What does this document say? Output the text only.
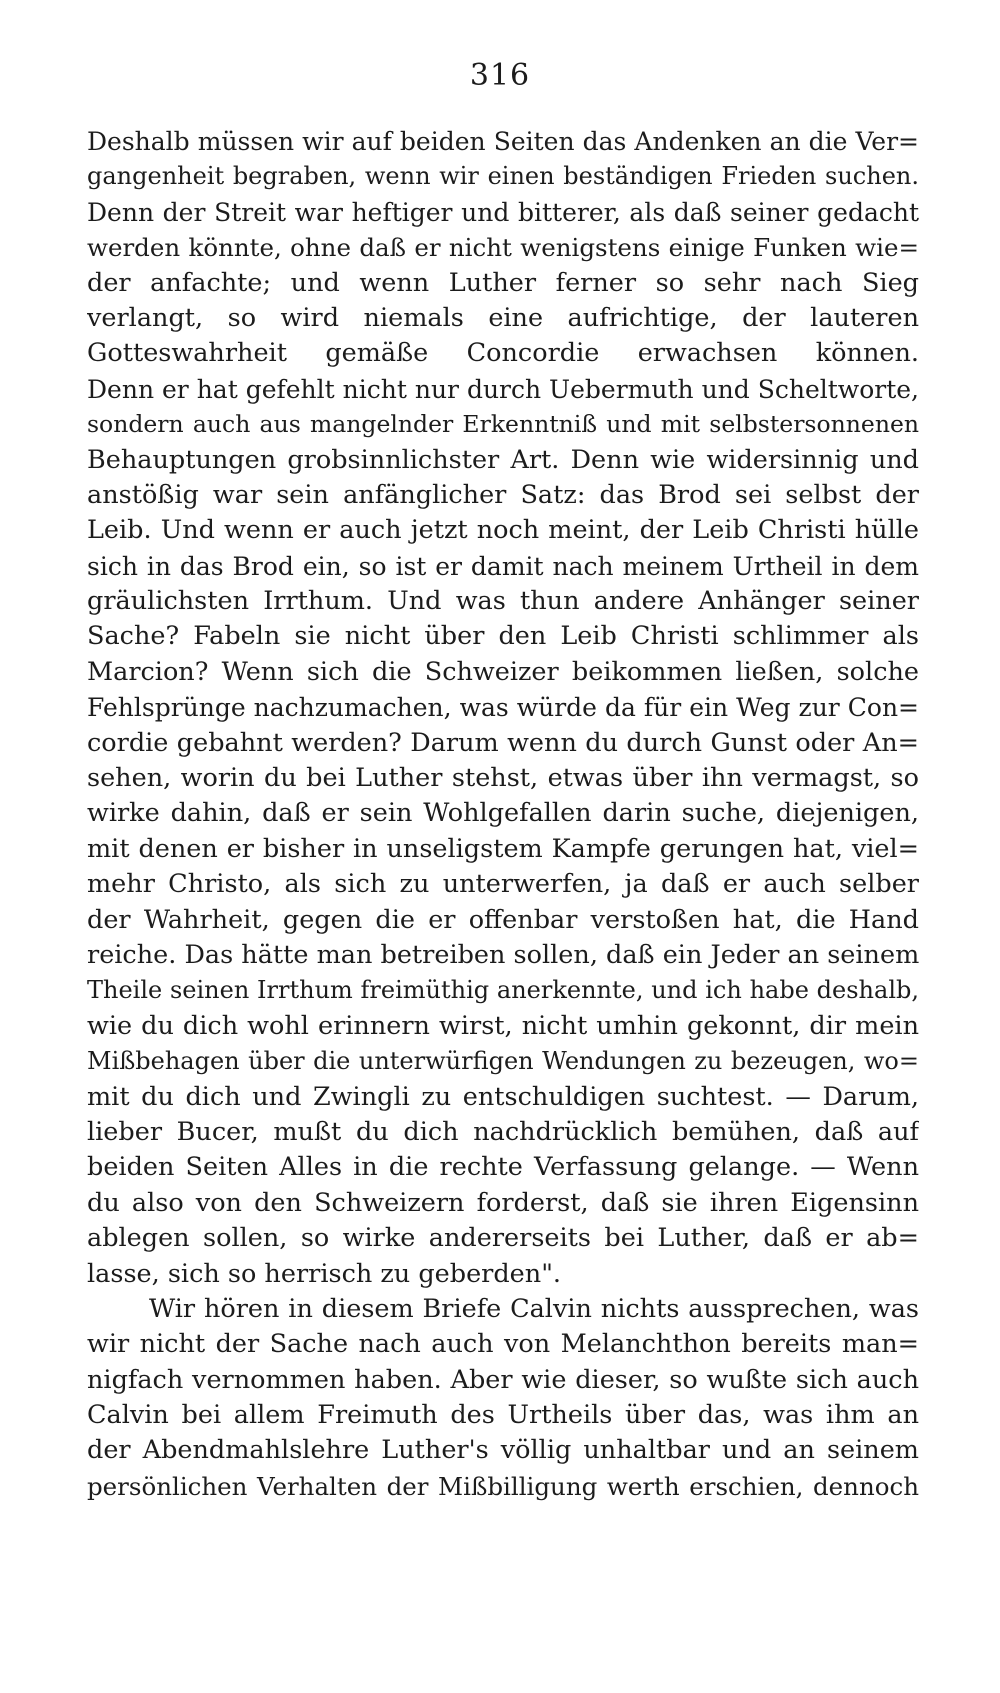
316
Deshalb müssen wir auf beiden Seiten das Andenken an die Ver=
gangenheit begraben, wenn wir einen beständigen Frieden suchen.
Denn der Streit war heftiger und bitterer, als daß seiner gedacht
werden könnte, ohne daß er nicht wenigstens einige Funken wie=
der anfachte; und wenn Luther ferner so sehr nach Sieg
verlangt, so wird niemals eine aufrichtige, der lauteren
Gotteswahrheit gemäße Concordie erwachsen können.
Denn er hat gefehlt nicht nur durch Uebermuth und Scheltworte,
sondern auch aus mangelnder Erkenntniß und mit selbstersonnenen
Behauptungen grobsinnlichster Art. Denn wie widersinnig und
anstößig war sein anfänglicher Satz: das Brod sei selbst der
Leib. Und wenn er auch jetzt noch meint, der Leib Christi hülle
sich in das Brod ein, so ist er damit nach meinem Urtheil in dem
gräulichsten Irrthum. Und was thun andere Anhänger seiner
Sache? Fabeln sie nicht über den Leib Christi schlimmer als
Marcion? Wenn sich die Schweizer beikommen ließen, solche
Fehlsprünge nachzumachen, was würde da für ein Weg zur Con=
cordie gebahnt werden? Darum wenn du durch Gunst oder An=
sehen, worin du bei Luther stehst, etwas über ihn vermagst, so
wirke dahin, daß er sein Wohlgefallen darin suche, diejenigen,
mit denen er bisher in unseligstem Kampfe gerungen hat, viel=
mehr Christo, als sich zu unterwerfen, ja daß er auch selber
der Wahrheit, gegen die er offenbar verstoßen hat, die Hand
reiche. Das hätte man betreiben sollen, daß ein Jeder an seinem
Theile seinen Irrthum freimüthig anerkennte, und ich habe deshalb,
wie du dich wohl erinnern wirst, nicht umhin gekonnt, dir mein
Mißbehagen über die unterwürfigen Wendungen zu bezeugen, wo=
mit du dich und Zwingli zu entschuldigen suchtest. — Darum,
lieber Bucer, mußt du dich nachdrücklich bemühen, daß auf
beiden Seiten Alles in die rechte Verfassung gelange. — Wenn
du also von den Schweizern forderst, daß sie ihren Eigensinn
ablegen sollen, so wirke andererseits bei Luther, daß er ab=
lasse, sich so herrisch zu geberden".
Wir hören in diesem Briefe Calvin nichts aussprechen, was
wir nicht der Sache nach auch von Melanchthon bereits man=
nigfach vernommen haben. Aber wie dieser, so wußte sich auch
Calvin bei allem Freimuth des Urtheils über das, was ihm an
der Abendmahlslehre Luther's völlig unhaltbar und an seinem
persönlichen Verhalten der Mißbilligung werth erschien, dennoch
